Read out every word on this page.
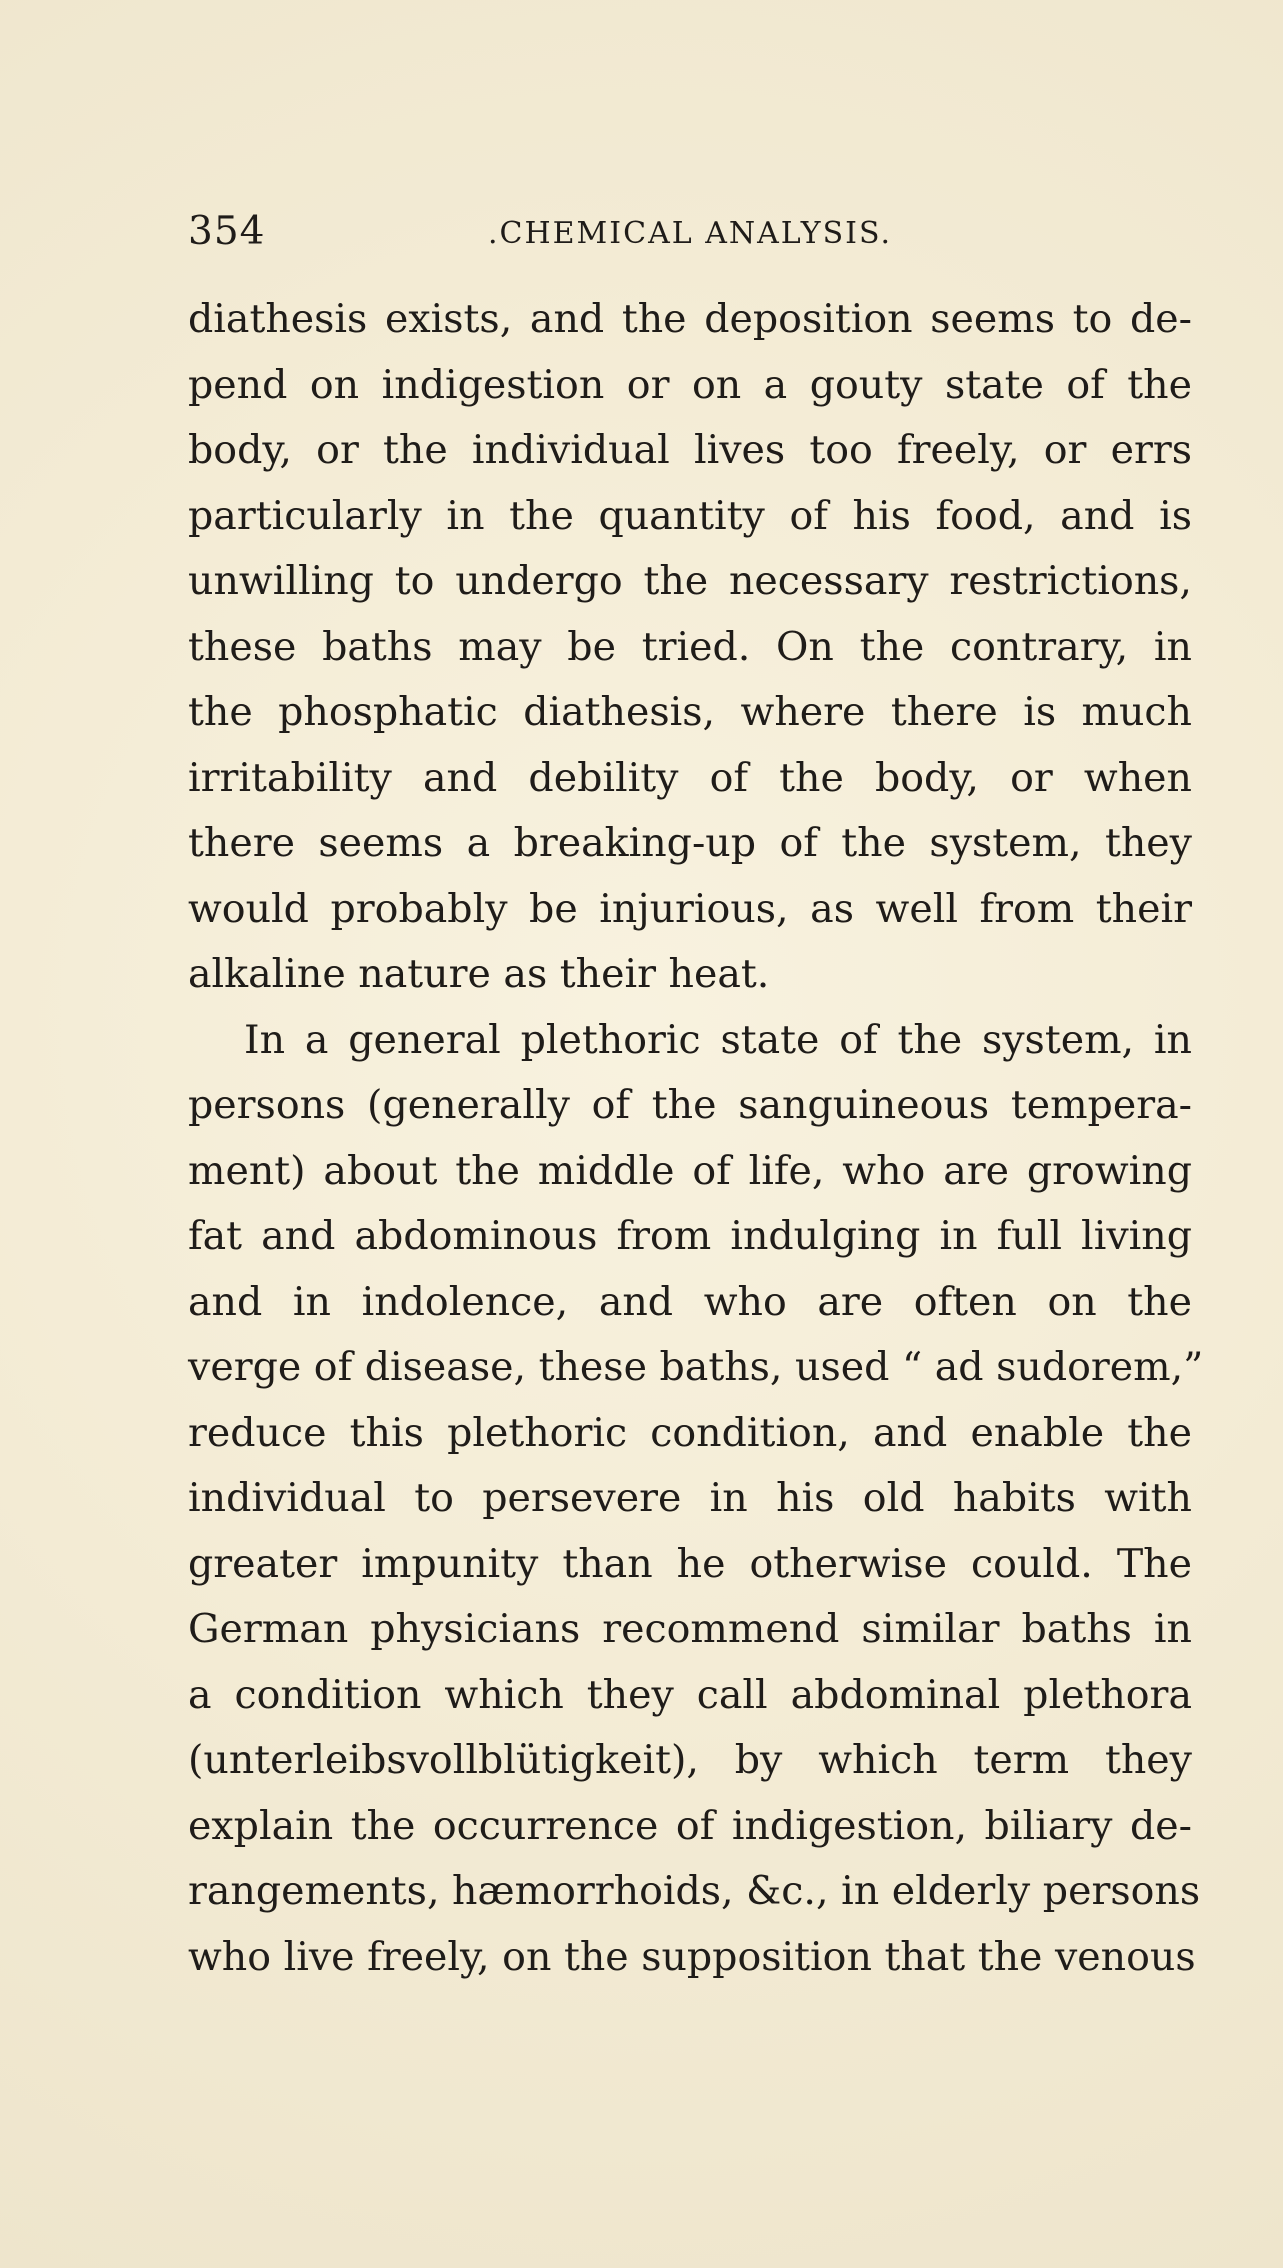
354	.CHEMICAL ANALYSIS.
diathesis exists, and the deposition seems to de-
pend on indigestion or on a gouty state of the
body, or the individual lives too freely, or errs
particularly in the quantity of his food, and is
unwilling to undergo the necessary restrictions,
these baths may be tried. On the contrary, in
the phosphatic diathesis, where there is much
irritability and debility of the body, or when
there seems a breaking-up of the system, they
would probably be injurious, as well from their
alkaline nature as their heat.
In a general plethoric state of the system, in
persons (generally of the sanguineous tempera-
ment) about the middle of life, who are growing
fat and abdominous from indulging in full living
and in indolence, and who are often on the
verge of disease, these baths, used “ ad sudorem,”
reduce this plethoric condition, and enable the
individual to persevere in his old habits with
greater impunity than he otherwise could. The
German physicians recommend similar baths in
a condition which they call abdominal plethora
(unterleibsvollblütigkeit), by which term they
explain the occurrence of indigestion, biliary de-
rangements, hæmorrhoids, &c., in elderly persons
who live freely, on the supposition that the venous
